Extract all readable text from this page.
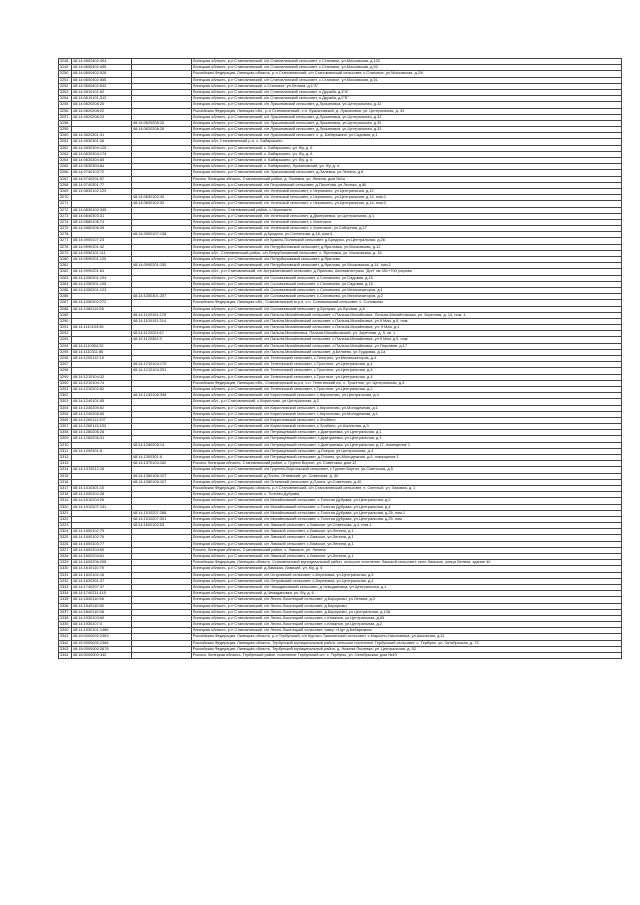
3248	48:14:0600402:494		Липецкая область, р-н Становлянский, с/п Становлянский сельсовет, с.Становое, ул.Московская, д.102
3249	48:14:0600402:495		Липецкая область, р-н Становлянский, с/п Становлянский сельсовет, с.Становое, ул.Московская, д.52
3250	48:14:0600402:526		Российская Федерация, Липецкая область, р-н Становлянский, с/п Становлянский сельсовет, с.Становое, ул.Московская, д.29/
3251	48:14:0600402:565		Липецкая область, р-н Становлянский, с/п Становлянский сельсовет, с.Становое, ул.Московская, д.51
3252	48:14:0600402:642		Липецкая область, р-н Становлянский, с.Становое, ул.Ленина, д.1"А"
3253	48:14:0610101:52		Липецкая область, р-н Становлянский, с/п Становлянский сельсовет, п.Дружба, д.3"А"
3254	48:14:0610101:312		Липецкая область, р-н Становлянский, с/п Становлянский сельсовет, п.Дружба, д.2"Б"
3255	48:14:0620208:20		Липецкая область, р-н Становлянский, с/п Лукьяновский сельсовет, д.Лукьяновка, ул.Центральная, д.32
3256	48:14:0620208:22		Российская Федерация, Липецкая обл., р-н Становлянский, с.п. Лукьяновский, д. Лукьяновка, ул. Центральная, д. 34
3257	48:14:0620208:23		Липецкая область, р-н Становлянский, с/п Лукьяновский сельсовет, д.Лукьяновка, ул.Центральная, д.32
3258		48:14:0620208:25	Липецкая область, р-н Становлянский, с/п Лукьяновский сельсовет, д.Лукьяновка, ул.Центральная, д.32
3259		48:14:0620208:26	Липецкая область, р-н Становлянский, с/п Лукьяновский сельсовет, д.Лукьяновка, ул.Центральная, д.32
3260	48:14:0620301:31		Липецкая область, р-н Становлянский, с/п Лукьяновский сельсовет, х. д. Бабарыкино, ул.Садовая, д.1
3261	48:14:0630301:36		Липецкая обл, Становлянский р-н, с. Бабарыкино
3262	48:14:0630304:125		Липецкая область, р-н Становлянский, с. Бабарыкино, ул. б/у, д. 6
3263	48:14:0630304:174		Липецкая область, р-н Становлянский, с. Бабарыкино, ул. б/у, д. 6
3264	48:14:0630304:65		Липецкая область, р-н Становлянский, с. Бабарыкино, ул. б/у, д. 6
3265	48:14:0630304:84		Липецкая область, р-н Становлянский, с. Бабарыкино, Лукьяновский, ул. б/у, д. 6
3266	48:14:0740103:72		Липецкая область, р-н Становлянский, с/п Лукьяновский сельсовет, д.Палевка, ул.Ленина, д.8
3267	48:14:0740201:57		Россия, Липецкая область, Становлянский район, д. Палевка, ул. Ленина, дом №2а
3268	48:14:0740301:77		Липецкая область, р-н Становлянский, с/п Георгиевский сельсовет, д.Пахотная, ул.Лесная, д.66
3269	48:14:0830102:129		Липецкая область, р-н Становлянский, с/п Успенский сельсовет, с.Черникино, ул.Центральная, д.12
3270		48:14:0830102:30	Липецкая область, р-н Становлянский, с/п Успенский сельсовет, с.Черникино, ул.Центральная, д.14, пом.1
3271		48:14:0830102:30	Липецкая область, р-н Становлянский, с/п Успенский сельсовет, с.Черникино, ул.Центральная, д.14, пом.2
3272	48:14:0830102:345		Липецкая область, Становлянский район, с.Черникино
3273	48:14:0840303:31		Липецкая область, р-н Становлянский, с/п Успенский сельсовет, д.Дмитриевка, ул.Центральная, д.1
3274	48:14:0880106:74		Липецкая область, р-н Становлянский, с/п Успенский сельсовет, с.Успенское
3275	48:14:0880206:26		Липецкая область, р-н Становлянский, с/п Успенский сельсовет, с.Успенское, ул.Соборная, д.27
3276		48:14:0900107:138	Липецкая область, р-н Становлянский, д.Бредихи, ул.Солнечная, д.18, пом.4
3277	48:14:0900107:23		Липецкая область, р-н Становлянский, с/п Красно-Полянский сельсовет, д.Бредихи, ул.Центральная, д.26
3278	48:14:0990101:42		Липецкая область, р-н Становлянский, с/п Петрубиновский сельсовет, д.Яриловка, ул.Московская, д.12
3279	48:14:0990101:111		Липецкая обл., Становлянский район, с/п Петрубиновский сельсовет, с. Яриловка, ул. Московская, д. 16
3280	48:14:0990201:125		Липецкая область, р-н Становлянский, с/п Петрубиновский сельсовет, д.Ярилово
3281		48:14:0990201:155	Липецкая область, р-н Становлянский, с/п Петрубиновский сельсовет, д.Ярилово, ул.Московская, д.14, пом.1
3282	48:14:0990201:64		Липецкая обл., р-н Становлянский, с/п Астрахановский сельсовет, д.Ярилово, Автомагистраль "Дон" км 351+700 (справа
3283	48:14:1050201:104		Липецкая область, р-н Становлянский, с/п Соловьевский сельсовет, с.Соловьево, ул.Садовая, д.15
3284	48:14:1050201:105		Липецкая область, р-н Становлянский, с/п Соловьевский сельсовет, с.Соловьево, ул.Садовая, д.15
3285	48:14:1050201:123		Липецкая область, р-н Становлянский, с/п Соловьевский сельсовет, с.Соловьево, ул.Механизаторов, д.1
3286		48:14:1050301:257	Липецкая область, р-н Становлянский, с/п Соловьевский сельсовет, с.Соловьево, ул.Механизаторов, д.2
3287	48:14:1050202:272		Российская Федерация, Липецкая обл., Становлянский м.р-н, с.п. Соловьевский сельсовет, с. Соловьево
3288	48:14:1080110:55		Липецкая область, р-н Становлянский, с/п Соловьевский сельсовет, д.Бутырки, ул.Луговая, д.6
3289		48:14:1100101:278	Липецкая область, р-н Становлянский, с/п Пальна-Михайловский сельсовет, с.Пальна-Михайловка, Пальна-Михайловская, ул. Заречная, д. 14, пом. 1
3290		48:14:1100101:314	Липецкая область, р-н Становлянский, с/п Пальна-Михайловский сельсовет, с.Пальна-Михайловка, ул.9 Мая, д.9, пом.
3291	48:14:1110103:55		Липецкая область, р-н Становлянский, с/п Пальна-Михайловский сельсовет, с.Пальна-Михайловка, ул. 9 Мая, д.1
3292		48:14:1120201:67	Липецкая область, р-н Становлянский, с/п Пальна-Михайловка, Пальна-Михайловский, ул. Заречная, д. 5, кв. 1
3293		48:14:1120302:3	Липецкая область, р-н Становлянский, с/п Пальна-Михайловский сельсовет, с.Пальна-Михайловка, ул.9 Мая, д.9, пом.
3294	48:14:1110304:32		Липецкая область, р-н Становлянский, с/п Пальна-Михайловский сельсовет, с.Пальна-Михайловка, ул.Парковая, д.17
3295	48:14:1110311:85		Липецкая область, р-н Становлянский, с/п Пальна-Михайловский сельсовет, д.Беляево, ул.Трудовая, д.1а
3296	48:14:1200112:19		Липецкая область, р-н Становлянский, с/п Телегинский сельсовет, с.Телегино, ул.Механизаторов, д.4
3297		48:14:1210104:170	Липецкая область, р-н Становлянский, с/п Телегинский сельсовет, с.Тростное, ул.Центральная, д.4
3298		48:14:1210104:251	Липецкая область, р-н Становлянский, с/п Телегинский сельсовет, с.Тростное, ул.Центральная, д.4
3299	48:14:1210104:32		Липецкая область, р-н Становлянский, с/п Телегинский сельсовет, с.Тростное, ул.Центральная, д.4
3300	48:14:1210104:74		Российская Федерация, Липецкая обл., Становлянский м.р-н, с.п. Телегинский с/с, с. Тростное, ул. Центральная, д.3
3301	48:14:1210202:62		Липецкая область, р-н Становлянский, с/п Телегинский сельсовет, с.Тростное, ул.Центральная, д.2
3302		48:14:1240106:308	Липецкая область, р-н Становлянский, с/п Кирилловский сельсовет, с.Кириллово, ул.Центральная, д.4
3303	48:14:1240101:85		Липецкая обл., р-н Становлянский, с.Кириллово, ул.Центральная, д.2
3304	48:14:1240205:62		Липецкая область, р-н Становлянский, с/п Кирилловский сельсовет, с.Кириллово, ул.Молодежная, д.1
3305	48:14:1240205:69		Липецкая область, р-н Становлянский, с/п Кирилловский сельсовет, с.Кириллово, ул.Молодежная, д.1
3306	48:14:1260111:237		Липецкая область, р-н Становлянский, с/п Кирилловский сельсовет, с.Злобино
3307	48:14:1260113:153		Липецкая область, р-н Становлянский, с/п Кирилловский сельсовет, с.Злобино, ул.Школьная, д.3
3308	48:14:1280206:28		Липецкая область, р-н Становлянский, с/п Петрищевский сельсовет, с.Дмитриевка, ул.Центральная, д.1
3309	48:14:1280206:31		Липецкая область, р-н Становлянский, с/п Петрищевский сельсовет, с.Дмитриевка, ул.Центральная, д.1
3310		48:14:1280208:14	Липецкая область, р-н Становлянский, с/п Петрищевский сельсовет, с.Дмитриевка, ул.Центральная, д.17, помещение 1
3311	48:14:1290301:5		Липецкая область, р-н Становлянский, с/п Петрищевский сельсовет, д.Озерки, ул.Центральная, д.4
3312		48:14:1300301:6	Липецкая область, р-н Становлянский, с/п Петрищевский сельсовет, д.Очкино, ул.Молодежная, д.6, помещение 1
3313		48:14:1370104:162	Россия, Липецкая область, Становлянский район, с. Грунин Воргол, ул. Советская, дом 12
3314	48:14:1370212:16		Липецкая область, р-н Становлянский, с/п Грунино-Воргольский сельсовет, с.Грунин Воргол, ул.Советская, д.5
3315		48:14:1380106:107	Липецкая область, р-н Становлянский, д.Плоты, Огневский, ул. Советская, д. 40
3316		48:14:1380106:107	Липецкая область, р-н Становлянский, с/п Огневский сельсовет, д.Плоты, ул.Советская, д.40
3317	48:14:1410301:10		Российская Федерация, Липецкая область, р-н Становлянский, с/п Становлянский сельсовет, п. Светлый, ул. Лазовая, д. 1
3318	48:14:1500102:28		Липецкая область, р-н Становлянский, с. Толстая Дубрава
3319	48:14:1510204:26		Липецкая область, р-н Становлянский, с/п Михайловский сельсовет, с.Толстая Дубрава, ул.Центральная, д.2
3320	48:14:1510207:131		Липецкая область, р-н Становлянский, с/п Михайловский сельсовет, с.Толстая Дубрава, ул.Центральная, д.4
3321		48:14:1510207:288	Липецкая область, р-н Становлянский, с/п Михайловский сельсовет, с.Толстая Дубрава, ул.Центральная, д.25, пом.1
3322		48:14:1510207:301	Липецкая область, р-н Становлянский, с/п Михайловский сельсовет, с.Толстая Дубрава, ул.Центральная, д.25, пом.
3323		48:14:1600102:53	Липецкая область, р-н Становлянский, с/п Ламской сельсовет, с.Ламское, ул.Советская, д.4, пом.1
3324	48:14:1600102:75		Липецкая область, р-н Становлянский, с/п Ламской сельсовет, с.Ламское, ул.Ленина, д.1
3325	48:14:1600102:76		Липецкая область, р-н Становлянский, с/п Ламской сельсовет, с.Ламское, ул.Ленина, д.1
3326	48:14:1600103:77		Липецкая область, р-н Становлянский, с/п Ламской сельсовет, с.Ламское, ул.Ленина, д.1
3327	48:14:1600104:50		Россия, Липецкая область, Становлянский район, с. Ламское, ул. Ленина
3328	48:14:1600204:61		Липецкая область, р-н Становлянский, с/п Ламской сельсовет, с.Ламское, ул.Ленина, д.1
3329	48:14:1600206:208		Российская Федерация, Липецкая область, Становлянский муниципальный район, сельское поселение Ламской сельсовет, село Ламское, улица Ленина, здание 40
3330	48:14:1610110:75		Липецкая область, р-н Становлянский, д.Ламская, Ламский, ул. б/у, д. 6
3331	48:14:1620102:16		Липецкая область, р-н Становлянский, с/п Островский сельсовет, с.Березовка, ул.Центральная, д.3
3332	48:14:1620301:37		Липецкая область, р-н Становлянский, с/п Островский сельсовет, с.Березовка, ул.Центральная, д.4
3333	48:14:1740207:37		Липецкая область, р-н Становлянский, с/п Чемодановский сельсовет, д.Чемодановка, ул.Центральная, д.1
3334	48:14:1740211:115		Липецкая область, р-н Становлянский, д.Чемодановка, ул. б/у, д. 6
3335	48:14:1840110:56		Липецкая область, р-н Становлянский, с/п Лесно-Локотецкий сельсовет, д.Барсуково, ул.Ленина, д.2
3336	48:14:1840110:80		Липецкая область, р-н Становлянский, с/п Лесно-Локотецкий сельсовет, д.Барсуково
3337	48:14:1840110:38		Липецкая область, р-н Становлянский, с/п Лесно-Локотецкий сельсовет, д.Барсуково, ул.Центральная, д.138
3338	48:14:1930103:60		Липецкая область, р-н Становлянский, с/п Лесно-Локотецкий сельсовет, с.Княжное, ул.Центральная, д.65
3339	48:14:1930107:4		Липецкая область, р-н Становлянский, с/п Лесно-Локотецкий сельсовет, с.Княжное, ул.Центральная, д.2
3340	48:14:1930101:1486		Липецкая область, р-н Становлянский, с/п Лесно-Локотецкий сельсовет, сквер «1/д» д.Бабарыкино
3341	48:15:0000000:2363		Российская Федерация, Липецкая область, р-н Тербунский, с/п Куртаго-Тамонинский сельсовет, с.Марьино-Николаевка, ул.Школьная, д.11
3342	48:15:0000000:2366		Российская Федерация, Липецкая область, Тербунский муниципальный район, сельское поселение Тербунский сельсовет, с. Тербуны, ул. Октябрьская, д. 73
3343	48:15:0000000:2678		Российская Федерация, Липецкая область, Тербунский муниципальный район, д. Нижняя Пылевка, ул. Центральная, д. 52
3344	48:15:0000000:342		Россия, Липецкая область, Тербунский район, поселение Тербунский с/с, с. Тербуны, ул. Октябрьская, дом №49
